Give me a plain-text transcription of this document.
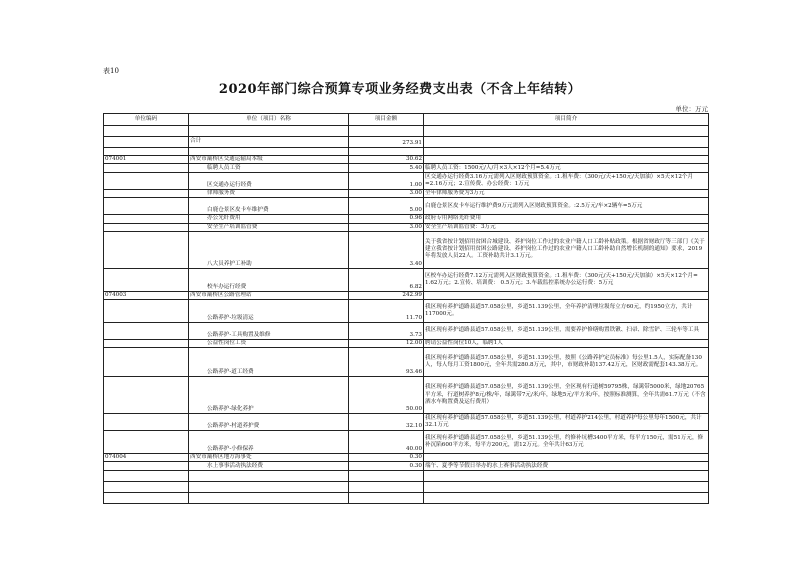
表10
2020年部门综合预算专项业务经费支出表（不含上年结转）
单位：万元
单位编码	单位（项目）名称	项目金额	项目简介

	合计	273.91	

074001	西安市灞桥区交通运输局本级	30.62	
	临聘人员工资	5.40	临聘人员工资：1500元/人/月×3人×12个月=5.4万元
	区交通办运行经费	1.00	区交通办运行经费3.16万元需列入区财政预算资金。:1.租车费：（300元/天+150元/天加油）×5天×12个月=2.16万元；2.宣传费、办公经费：1万元
	律师服务费	3.00	全年律师服务费为3万元
	白鹿仓景区皮卡车维护费	5.00	白鹿仓景区皮卡车运行维护费9万元需列入区财政预算资金。:2.5万元/车×2辆车=5万元
	办公光纤费用	0.96	政府专用网络光纤费用
	安全生产培训监管费	3.00	安全生产培训监管费：3万元
	八大员养护工补助	3.40	关于我省按计划招用贫困合城建设、养护岗位工作过的农业户籍人口工龄补贴政策。根据省财政厅等三部门《关于建立我省按计划招用贫困公路建设、养护岗位工作过的农业户籍人口工龄补助自然增长机制的通知》要求，2019年将发放人员22人。工资补助共计3.1万元。
	校车办运行经费	6.82	区校车办运行经费7.12万元需列入区财政预算资金。:1.租车费：（300元/天+150元/天加油）×5天×12个月= 1.62万元；2.宣传、培训费： 0.5万元；3.车载监控系统办公运行费：5万元
074003	西安市灞桥区公路管理站	242.99	
	公路养护-垃圾清运	11.70	我区现有养护道路县道57.058公里，乡道51.139公里，全年养护清理垃圾每立方60元，约1950立方，共计117000元。
	公路养护-工具购置及维修	3.73	我区现有养护道路县道57.058公里，乡道51.139公里，需要养护修缮购置铁锹、扫帚、除雪铲、三轮车等工具
	公益性岗位工资	12.00	聘请公益性岗位10人，临聘1人
	公路养护-道工经费	93.46	我区现有养护道路县道57.058公里，乡道51.139公里，按照《公路养护定员标准》每公里1.5人，实际配备130人，每人每月工资1800元，全年共需280.8万元，其中，市财政补助137.42万元，区财政需配套143.38万元。
	公路养护-绿化养护	50.00	我区现有养护道路县道57.058公里，乡道51.139公里，全区现有行道树59795株，绿篱带5000米，绿地20765平方米，行道树养护8元/株/年，绿篱带7元/米/年，绿地5元/平方米/年，按照标准测算，全年共需61.7万元（不含洒水车购置费及运行费用）
	公路养护-村道养护费	32.10	我区现有养护道路县道57.058公里，乡道51.139公里，村道养护214公里，村道养护每公里每年1500元，共计32.1万元
	公路养护-小修保养	40.00	我区现有养护道路县道57.058公里，乡道51.139公里，约修补坑槽3400平方米，每平方150元，需51万元，修补沉陷600平方米，每平方200元，需12万元。全年共计63万元
074004	西安市灞桥区地方海事处	0.30	
	水上事事活动执法经费	0.30	端午、夏季等节假日举办的水上赛事活动执法经费
